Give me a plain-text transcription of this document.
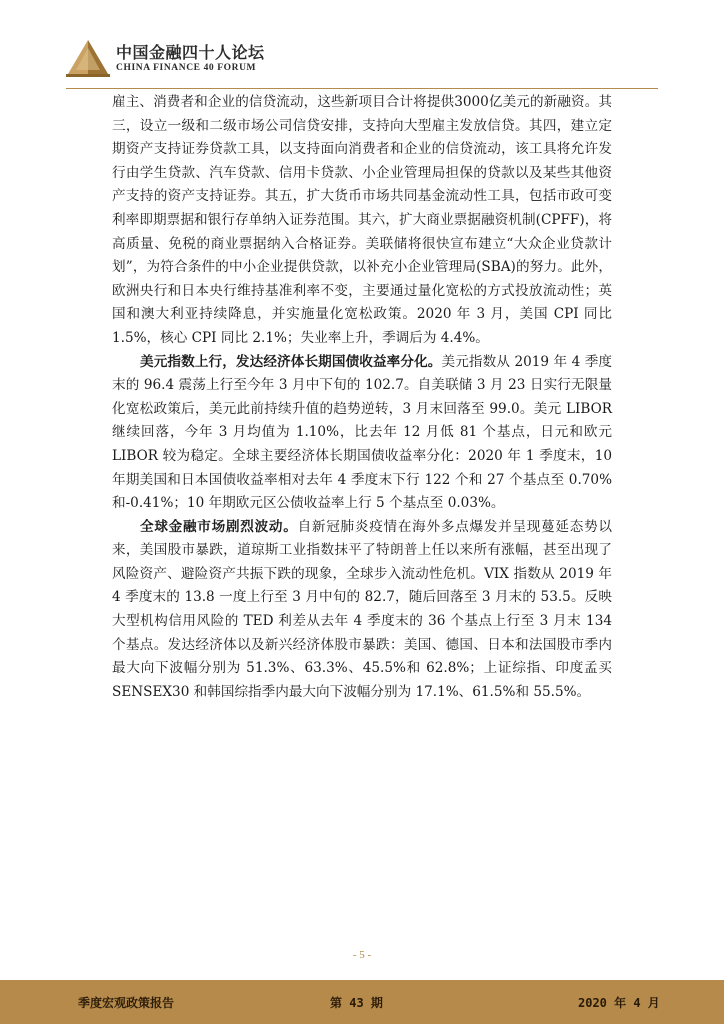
中国金融四十人论坛
CHINA FINANCE 40 FORUM

雇主、消费者和企业的信贷流动，这些新项目合计将提供3000亿美元的新融资。其三，设立一级和二级市场公司信贷安排，支持向大型雇主发放信贷。其四，建立定期资产支持证券贷款工具，以支持面向消费者和企业的信贷流动，该工具将允许发行由学生贷款、汽车贷款、信用卡贷款、小企业管理局担保的贷款以及某些其他资产支持的资产支持证券。其五，扩大货币市场共同基金流动性工具，包括市政可变利率即期票据和银行存单纳入证券范围。其六，扩大商业票据融资机制(CPFF)，将高质量、免税的商业票据纳入合格证券。美联储将很快宣布建立“大众企业贷款计划”，为符合条件的中小企业提供贷款，以补充小企业管理局(SBA)的努力。此外，欧洲央行和日本央行维持基准利率不变，主要通过量化宽松的方式投放流动性；英国和澳大利亚持续降息，并实施量化宽松政策。2020 年 3 月，美国 CPI 同比 1.5%，核心 CPI 同比 2.1%；失业率上升，季调后为 4.4%。

美元指数上行，发达经济体长期国债收益率分化。美元指数从 2019 年 4 季度末的 96.4 震荡上行至今年 3 月中下旬的 102.7。自美联储 3 月 23 日实行无限量化宽松政策后，美元此前持续升值的趋势逆转，3 月末回落至 99.0。美元 LIBOR 继续回落，今年 3 月均值为 1.10%，比去年 12 月低 81 个基点，日元和欧元 LIBOR 较为稳定。全球主要经济体长期国债收益率分化：2020 年 1 季度末，10 年期美国和日本国债收益率相对去年 4 季度末下行 122 个和 27 个基点至 0.70%和-0.41%；10 年期欧元区公债收益率上行 5 个基点至 0.03%。

全球金融市场剧烈波动。自新冠肺炎疫情在海外多点爆发并呈现蔓延态势以来，美国股市暴跌，道琼斯工业指数抹平了特朗普上任以来所有涨幅，甚至出现了风险资产、避险资产共振下跌的现象，全球步入流动性危机。VIX 指数从 2019 年 4 季度末的 13.8 一度上行至 3 月中旬的 82.7，随后回落至 3 月末的 53.5。反映大型机构信用风险的 TED 利差从去年 4 季度末的 36 个基点上行至 3 月末 134 个基点。发达经济体以及新兴经济体股市暴跌：美国、德国、日本和法国股市季内最大向下波幅分别为 51.3%、63.3%、45.5%和 62.8%；上证综指、印度孟买 SENSEX30 和韩国综指季内最大向下波幅分别为 17.1%、61.5%和 55.5%。

- 5 -
季度宏观政策报告	第 43 期	2020 年 4 月
